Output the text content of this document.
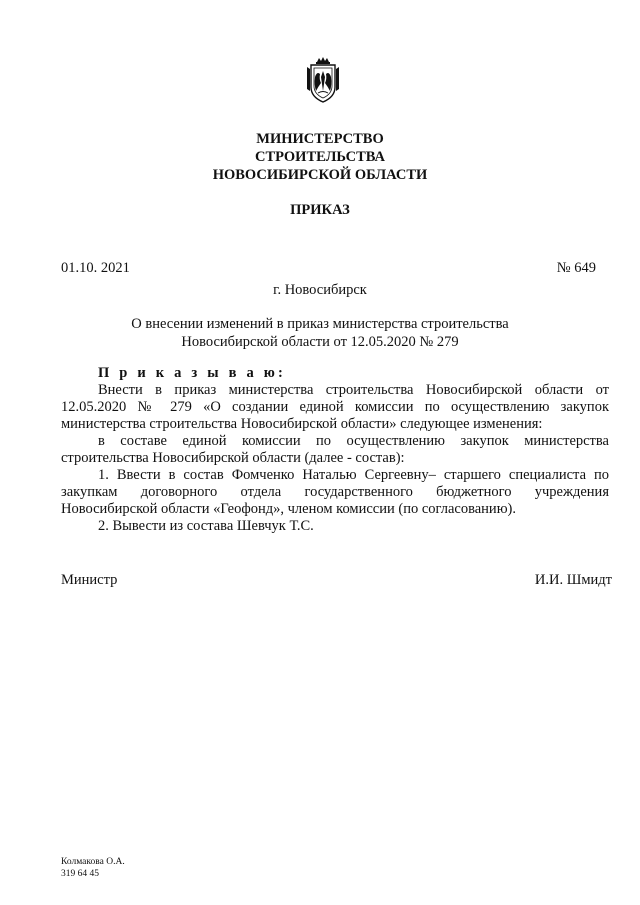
МИНИСТЕРСТВО
СТРОИТЕЛЬСТВА
НОВОСИБИРСКОЙ ОБЛАСТИ
ПРИКАЗ
01.10. 2021	№ 649
г. Новосибирск
О внесении изменений в приказ министерства строительства
Новосибирской области от 12.05.2020 № 279

П р и к а з ы в а ю:

Внести в приказ министерства строительства Новосибирской области от 12.05.2020 № 279 «О создании единой комиссии по осуществлению закупок министерства строительства Новосибирской области» следующее изменения:

в составе единой комиссии по осуществлению закупок министерства строительства Новосибирской области (далее - состав):

1. Ввести в состав Фомченко Наталью Сергеевну– старшего специалиста по закупкам договорного отдела государственного бюджетного учреждения Новосибирской области «Геофонд», членом комиссии (по согласованию).

2. Вывести из состава Шевчук Т.С.

Министр	И.И. Шмидт
Колмакова О.А.
319 64 45
